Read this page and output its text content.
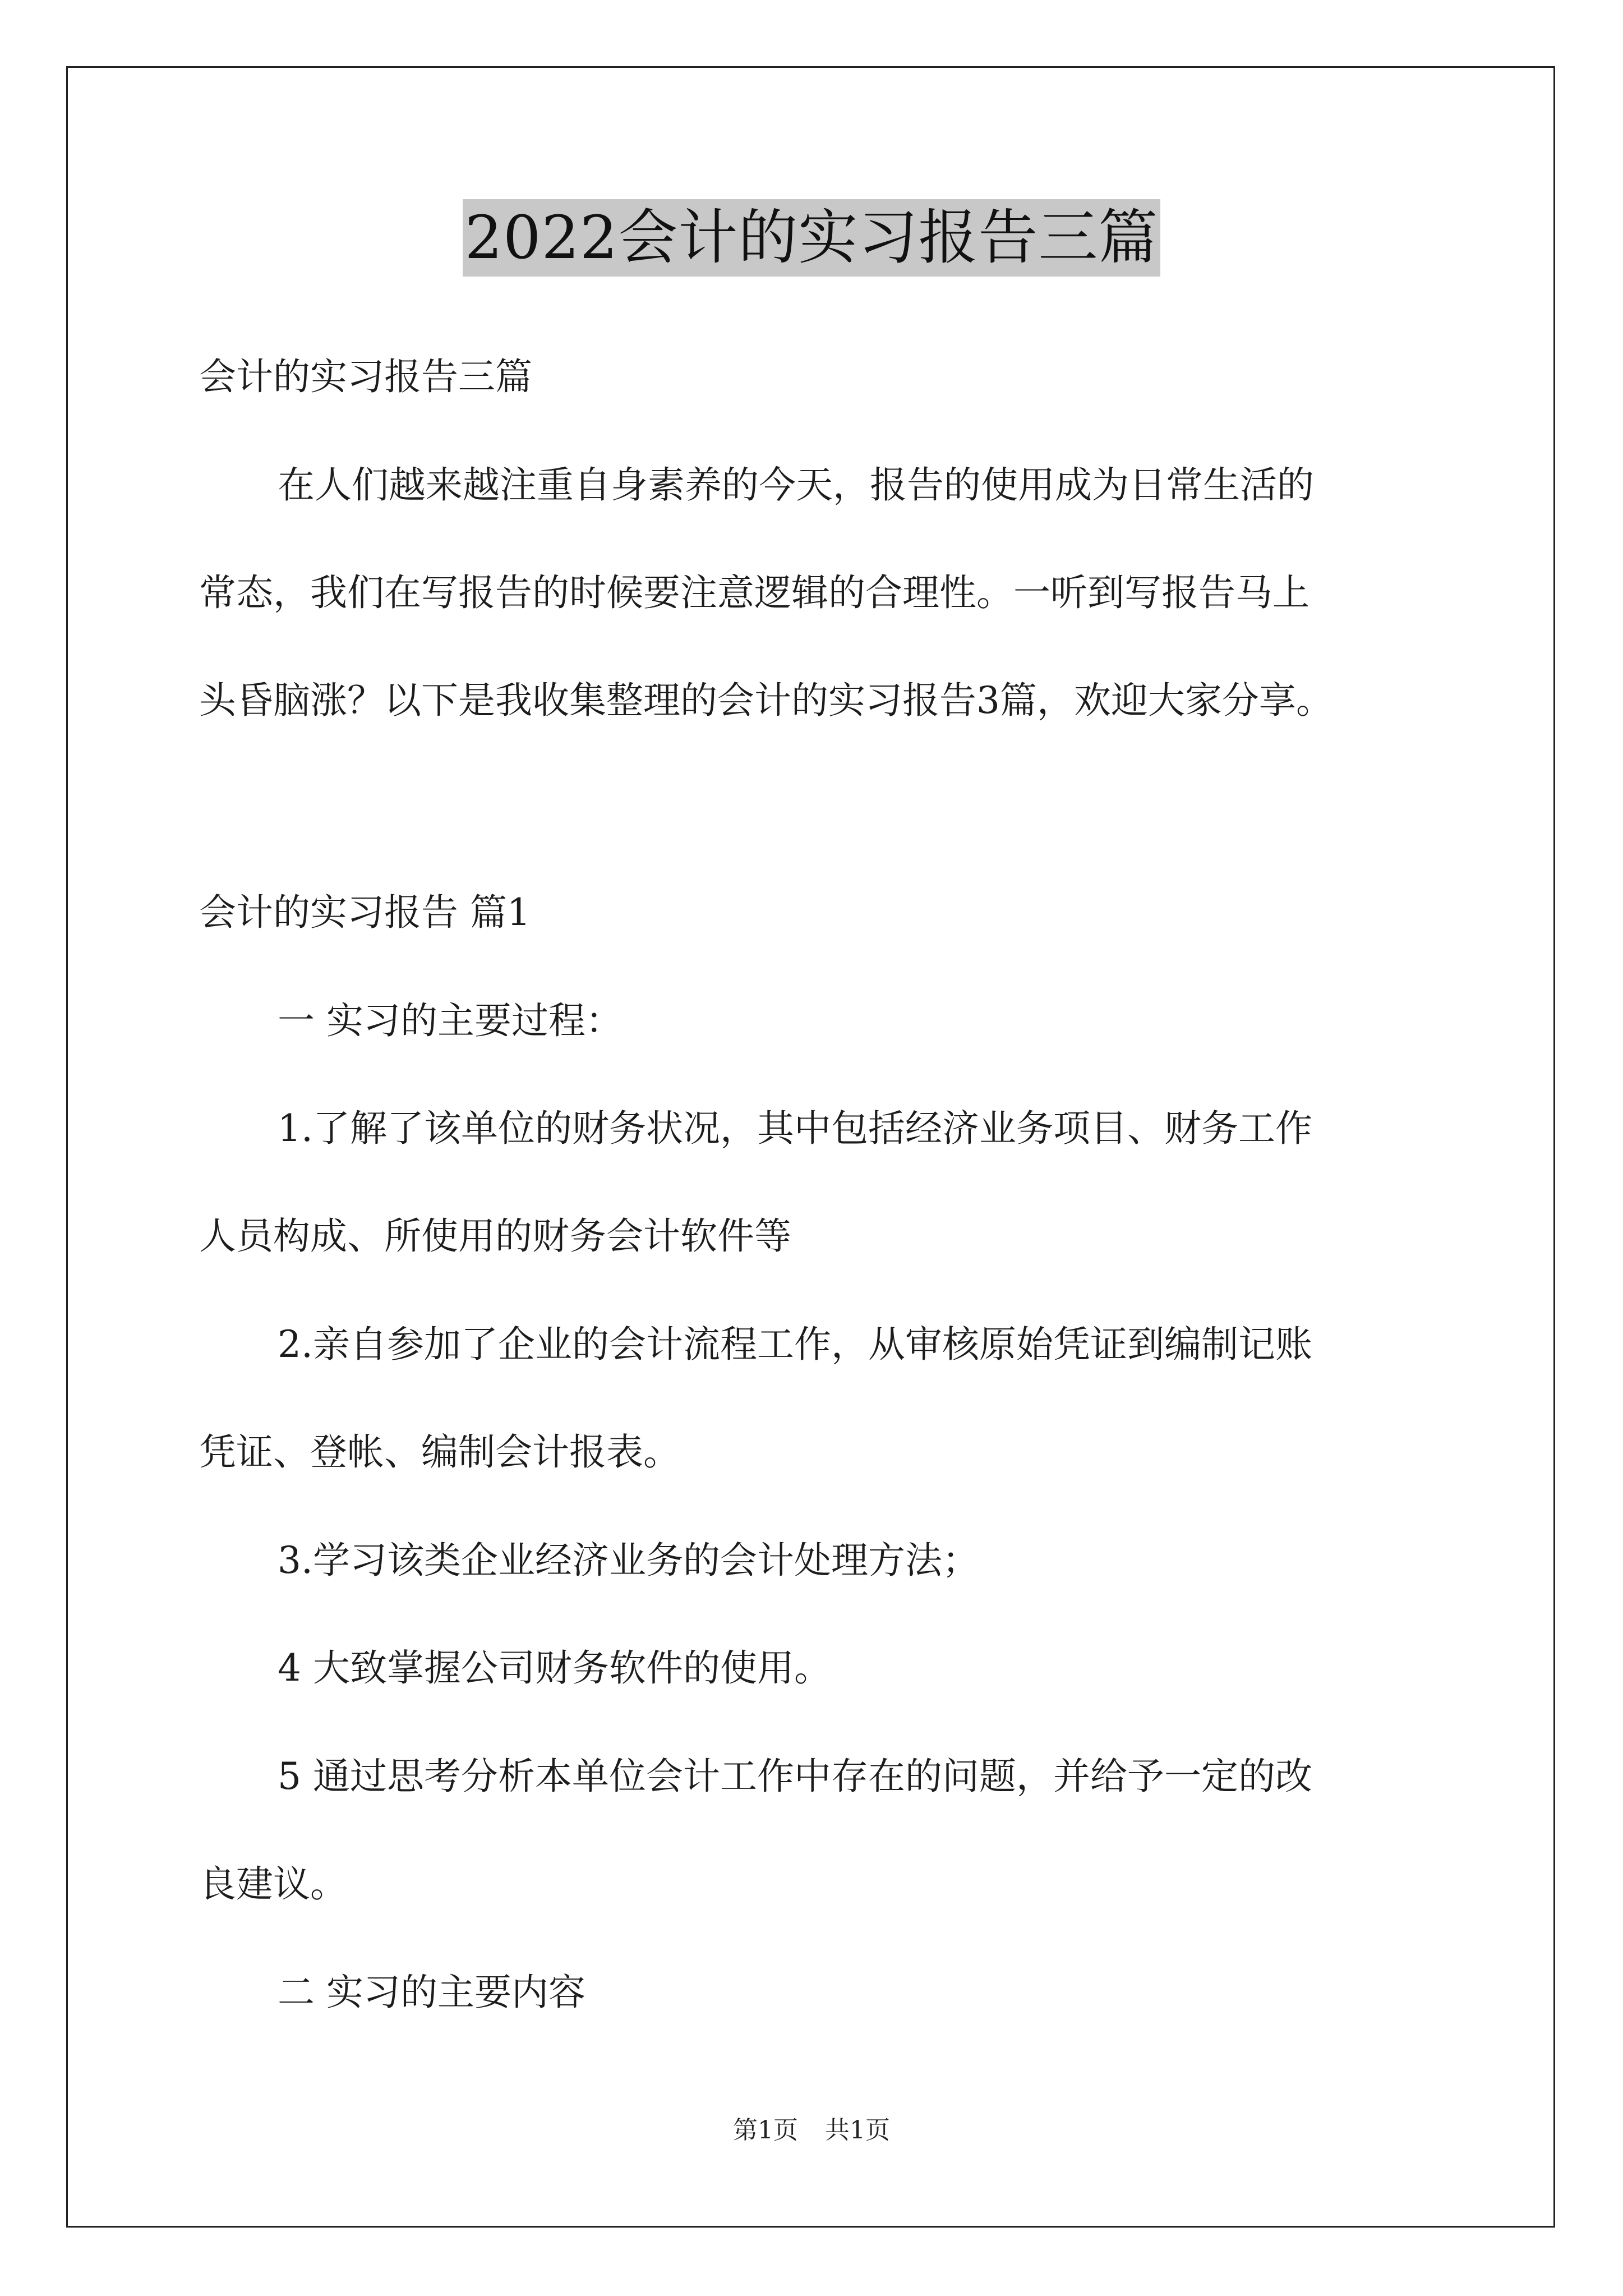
2022会计的实习报告三篇
会计的实习报告三篇
在人们越来越注重自身素养的今天，报告的使用成为日常生活的
常态，我们在写报告的时候要注意逻辑的合理性。一听到写报告马上
头昏脑涨？以下是我收集整理的会计的实习报告3篇，欢迎大家分享。
会计的实习报告 篇1
一 实习的主要过程：
1.了解了该单位的财务状况，其中包括经济业务项目、财务工作
人员构成、所使用的财务会计软件等
2.亲自参加了企业的会计流程工作，从审核原始凭证到编制记账
凭证、登帐、编制会计报表。
3.学习该类企业经济业务的会计处理方法；
4 大致掌握公司财务软件的使用。
5 通过思考分析本单位会计工作中存在的问题，并给予一定的改
良建议。
二 实习的主要内容
第1页 共1页
